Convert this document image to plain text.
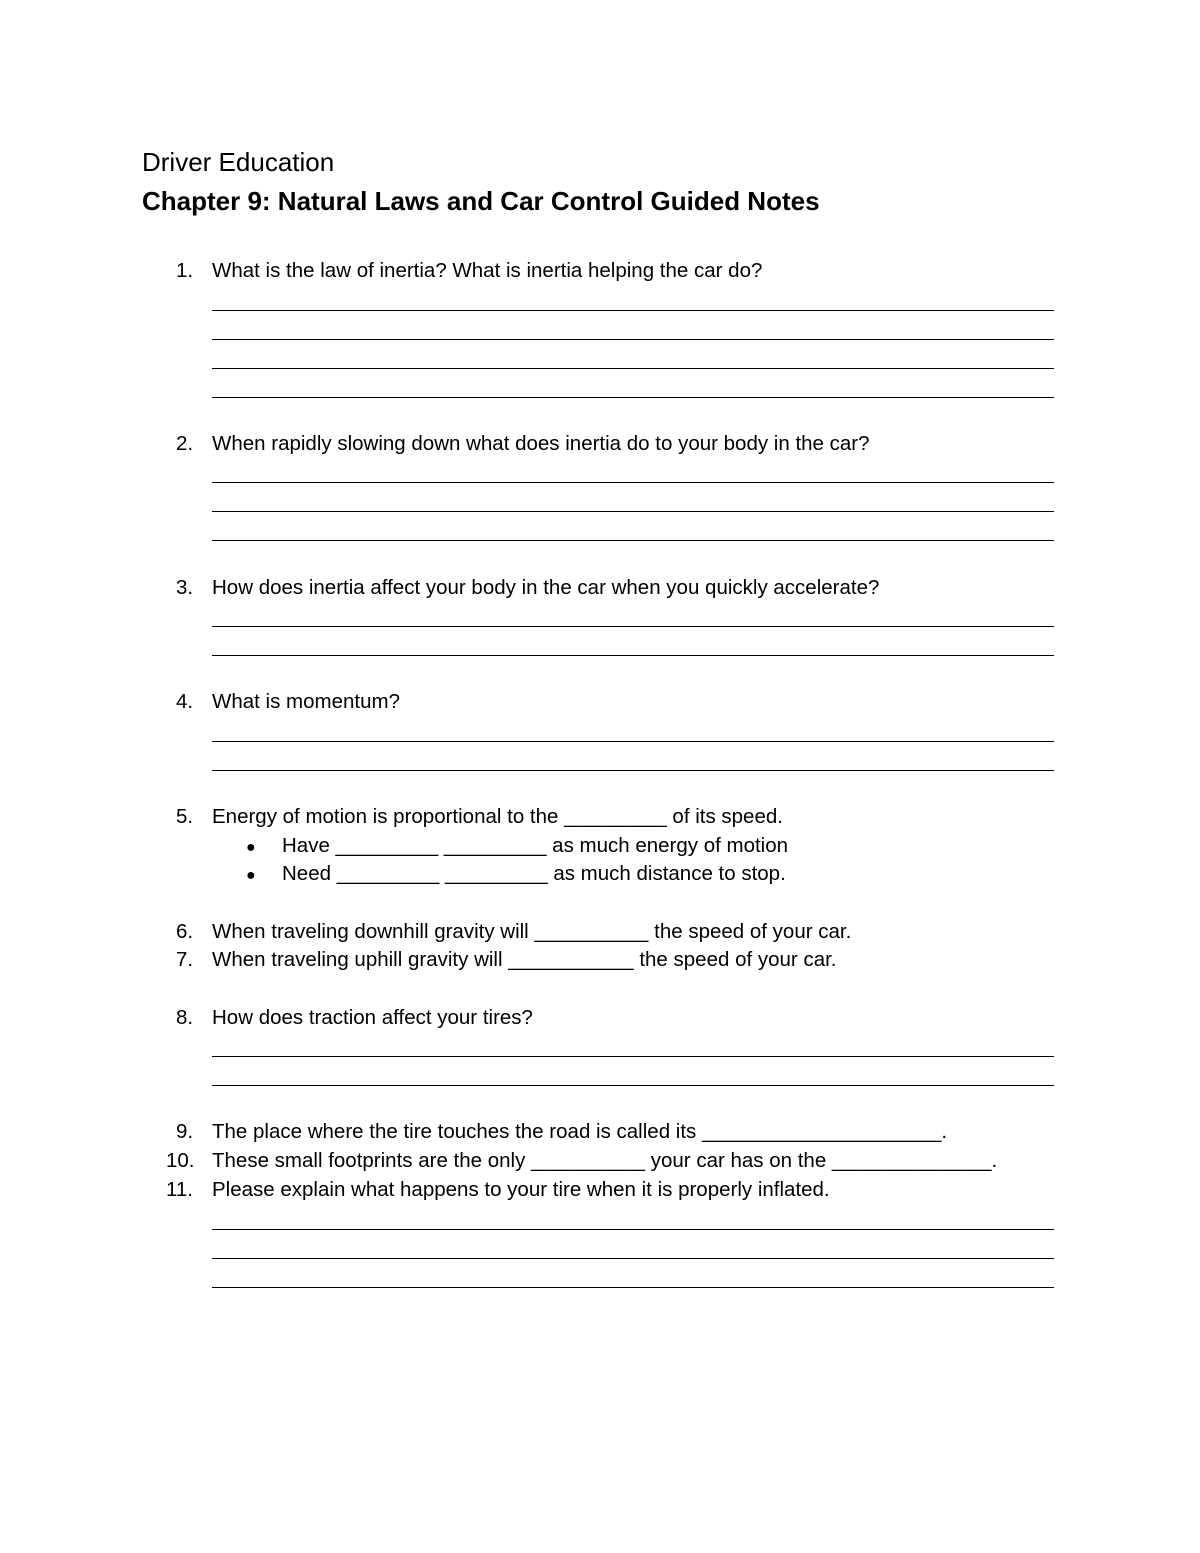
Driver Education
Chapter 9: Natural Laws and Car Control Guided Notes
1. What is the law of inertia? What is inertia helping the car do?
2. When rapidly slowing down what does inertia do to your body in the car?
3. How does inertia affect your body in the car when you quickly accelerate?
4. What is momentum?
5. Energy of motion is proportional to the _________ of its speed.
● Have _________ _________ as much energy of motion
● Need _________ _________ as much distance to stop.
6. When traveling downhill gravity will __________ the speed of your car.
7. When traveling uphill gravity will ___________ the speed of your car.
8. How does traction affect your tires?
9. The place where the tire touches the road is called its _____________________.
10. These small footprints are the only __________ your car has on the ______________.
11. Please explain what happens to your tire when it is properly inflated.
